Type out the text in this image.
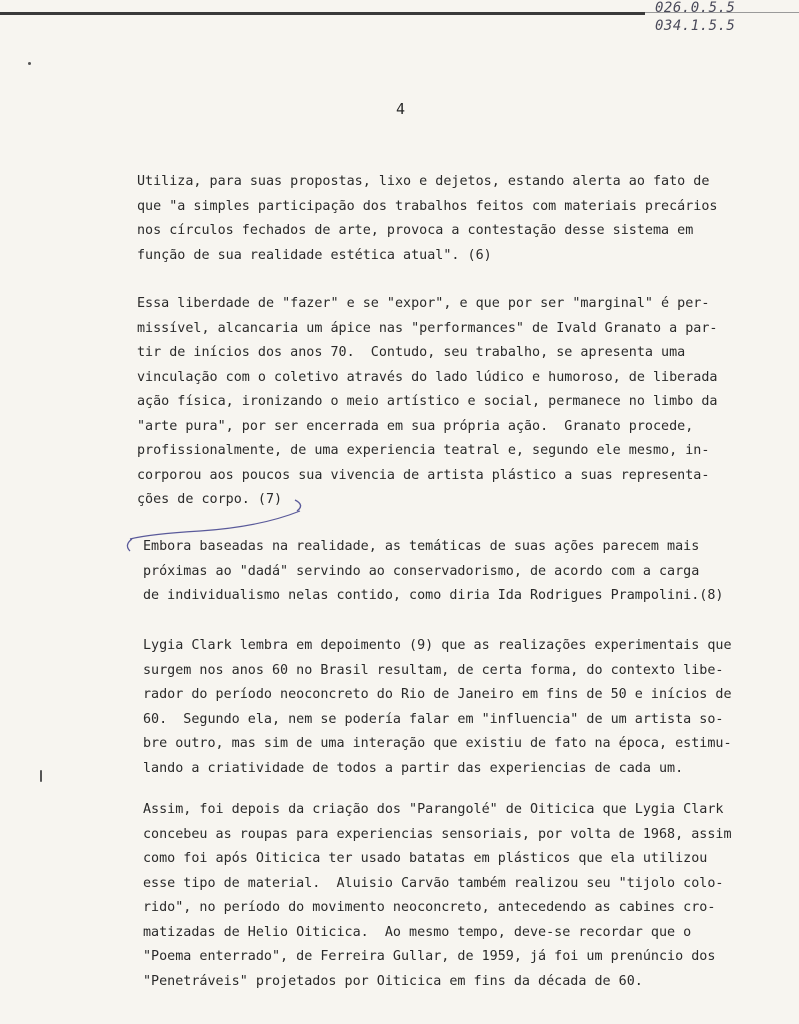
026.0.5.5
034.1.5.5
4
Utiliza, para suas propostas, lixo e dejetos, estando alerta ao fato de
que "a simples participação dos trabalhos feitos com materiais precários
nos círculos fechados de arte, provoca a contestação desse sistema em
função de sua realidade estética atual". (6)
Essa liberdade de "fazer" e se "expor", e que por ser "marginal" é per-
missível, alcancaria um ápice nas "performances" de Ivald Granato a par-
tir de inícios dos anos 70.  Contudo, seu trabalho, se apresenta uma
vinculação com o coletivo através do lado lúdico e humoroso, de liberada
ação física, ironizando o meio artístico e social, permanece no limbo da
"arte pura", por ser encerrada em sua própria ação.  Granato procede,
profissionalmente, de uma experiencia teatral e, segundo ele mesmo, in-
corporou aos poucos sua vivencia de artista plástico a suas representa-
ções de corpo. (7)
Embora baseadas na realidade, as temáticas de suas ações parecem mais
próximas ao "dadá" servindo ao conservadorismo, de acordo com a carga
de individualismo nelas contido, como diria Ida Rodrigues Prampolini.(8)
Lygia Clark lembra em depoimento (9) que as realizações experimentais que
surgem nos anos 60 no Brasil resultam, de certa forma, do contexto libe-
rador do período neoconcreto do Rio de Janeiro em fins de 50 e inícios de
60.  Segundo ela, nem se podería falar em "influencia" de um artista so-
bre outro, mas sim de uma interação que existiu de fato na época, estimu-
lando a criatividade de todos a partir das experiencias de cada um.
Assim, foi depois da criação dos "Parangolé" de Oiticica que Lygia Clark
concebeu as roupas para experiencias sensoriais, por volta de 1968, assim
como foi após Oiticica ter usado batatas em plásticos que ela utilizou
esse tipo de material.  Aluisio Carvão também realizou seu "tijolo colo-
rido", no período do movimento neoconcreto, antecedendo as cabines cro-
matizadas de Helio Oiticica.  Ao mesmo tempo, deve-se recordar que o
"Poema enterrado", de Ferreira Gullar, de 1959, já foi um prenúncio dos
"Penetráveis" projetados por Oiticica em fins da década de 60.
